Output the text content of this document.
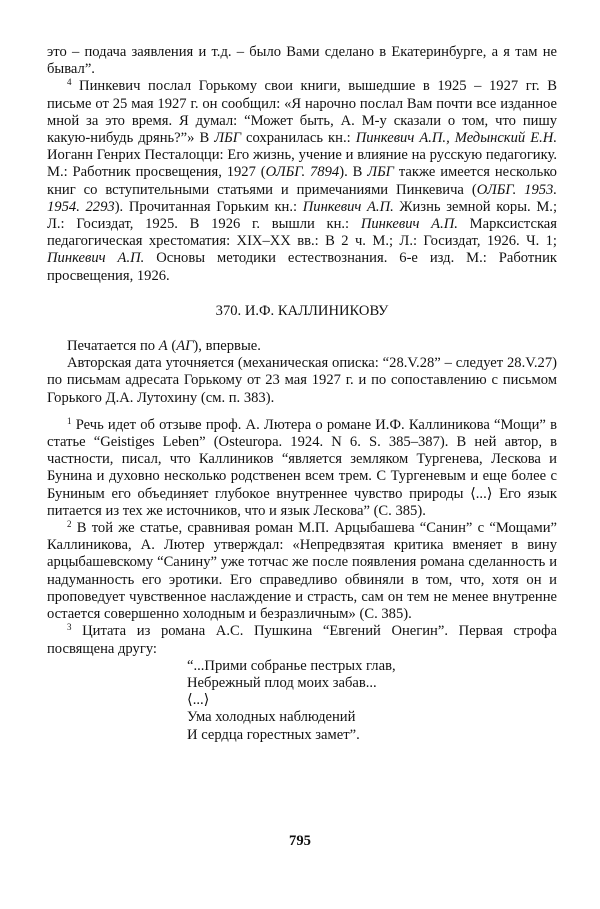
это – подача заявления и т.д. – было Вами сделано в Екатеринбурге, а я там не бывал”.

$^4$ Пинкевич послал Горькому свои книги, вышедшие в 1925 – 1927 гг. В письме от 25 мая 1927 г. он сообщил: «Я нарочно послал Вам почти все изданное мной за это время. Я думал: “Может быть, А. М-у сказали о том, что пишу какую-нибудь дрянь?”» В ЛБГ сохранилась кн.: Пинкевич А.П., Медынский Е.Н. Иоганн Генрих Песталоцци: Его жизнь, учение и влияние на русскую педагогику. М.: Работник просвещения, 1927 (ОЛБГ. 7894). В ЛБГ также имеется несколько книг со вступительными статьями и примечаниями Пинкевича (ОЛБГ. 1953. 1954. 2293). Прочитанная Горьким кн.: Пинкевич А.П. Жизнь земной коры. М.; Л.: Госиздат, 1925. В 1926 г. вышли кн.: Пинкевич А.П. Марксистская педагогическая хрестоматия: XIX–XX вв.: В 2 ч. М.; Л.: Госиздат, 1926. Ч. 1; Пинкевич А.П. Основы методики естествознания. 6-е изд. М.: Работник просвещения, 1926.

370. И.Ф. КАЛЛИНИКОВУ

Печатается по А (АГ), впервые.

Авторская дата уточняется (механическая описка: “28.V.28” – следует 28.V.27) по письмам адресата Горькому от 23 мая 1927 г. и по сопоставлению с письмом Горького Д.А. Лутохину (см. п. 383).

$^1$ Речь идет об отзыве проф. А. Лютера о романе И.Ф. Каллиникова “Мощи” в статье “Geistiges Leben” (Osteuropa. 1924. N 6. S. 385–387). В ней автор, в частности, писал, что Каллиников “является земляком Тургенева, Лескова и Бунина и духовно несколько родственен всем трем. С Тургеневым и еще более с Буниным его объединяет глубокое внутреннее чувство природы ⟨...⟩ Его язык питается из тех же источников, что и язык Лескова” (С. 385).

$^2$ В той же статье, сравнивая роман М.П. Арцыбашева “Санин” с “Мощами” Каллиникова, А. Лютер утверждал: «Непредвзятая критика вменяет в вину арцыбашевскому “Санину” уже тотчас же после появления романа сделанность и надуманность его эротики. Его справедливо обвиняли в том, что, хотя он и проповедует чувственное наслаждение и страсть, сам он тем не менее внутренне остается совершенно холодным и безразличным» (С. 385).

$^3$ Цитата из романа А.С. Пушкина “Евгений Онегин”. Первая строфа посвящена другу:

“...Прими собранье пестрых глав,
Небрежный плод моих забав...
⟨...⟩
Ума холодных наблюдений
И сердца горестных замет”.
795
